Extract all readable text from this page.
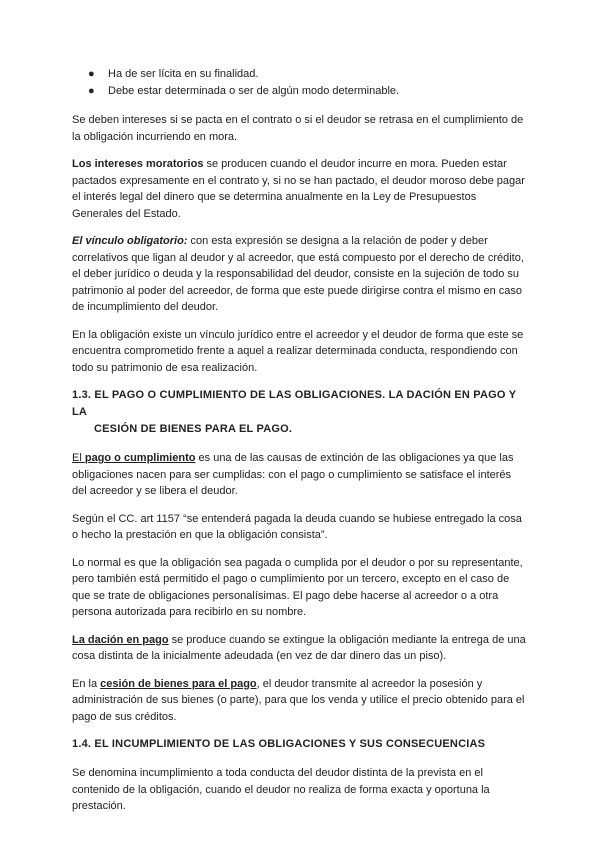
● Ha de ser lícita en su finalidad.
● Debe estar determinada o ser de algún modo determinable.

Se deben intereses si se pacta en el contrato o si el deudor se retrasa en el cumplimiento de la obligación incurriendo en mora.

Los intereses moratorios se producen cuando el deudor incurre en mora. Pueden estar pactados expresamente en el contrato y, si no se han pactado, el deudor moroso debe pagar el interés legal del dinero que se determina anualmente en la Ley de Presupuestos Generales del Estado.

El vínculo obligatorio: con esta expresión se designa a la relación de poder y deber correlativos que ligan al deudor y al acreedor, que está compuesto por el derecho de crédito, el deber jurídico o deuda y la responsabilidad del deudor, consiste en la sujeción de todo su patrimonio al poder del acreedor, de forma que este puede dirigirse contra el mismo en caso de incumplimiento del deudor.

En la obligación existe un vínculo jurídico entre el acreedor y el deudor de forma que este se encuentra comprometido frente a aquel a realizar determinada conducta, respondiendo con todo su patrimonio de esa realización.

1.3. EL PAGO O CUMPLIMIENTO DE LAS OBLIGACIONES. LA DACIÓN EN PAGO Y LA
CESIÓN DE BIENES PARA EL PAGO.

El pago o cumplimiento es una de las causas de extinción de las obligaciones ya que las obligaciones nacen para ser cumplidas: con el pago o cumplimiento se satisface el interés del acreedor y se libera el deudor.

Según el CC. art 1157 “se entenderá pagada la deuda cuando se hubiese entregado la cosa o hecho la prestación en que la obligación consista”.

Lo normal es que la obligación sea pagada o cumplida por el deudor o por su representante, pero también está permitido el pago o cumplimiento por un tercero, excepto en el caso de que se trate de obligaciones personalísimas. El pago debe hacerse al acreedor o a otra persona autorizada para recibirlo en su nombre.

La dación en pago se produce cuando se extingue la obligación mediante la entrega de una cosa distinta de la inicialmente adeudada (en vez de dar dinero das un piso).

En la cesión de bienes para el pago, el deudor transmite al acreedor la posesión y administración de sus bienes (o parte), para que los venda y utilice el precio obtenido para el pago de sus créditos.

1.4. EL INCUMPLIMIENTO DE LAS OBLIGACIONES Y SUS CONSECUENCIAS

Se denomina incumplimiento a toda conducta del deudor distinta de la prevista en el contenido de la obligación, cuando el deudor no realiza de forma exacta y oportuna la prestación.
